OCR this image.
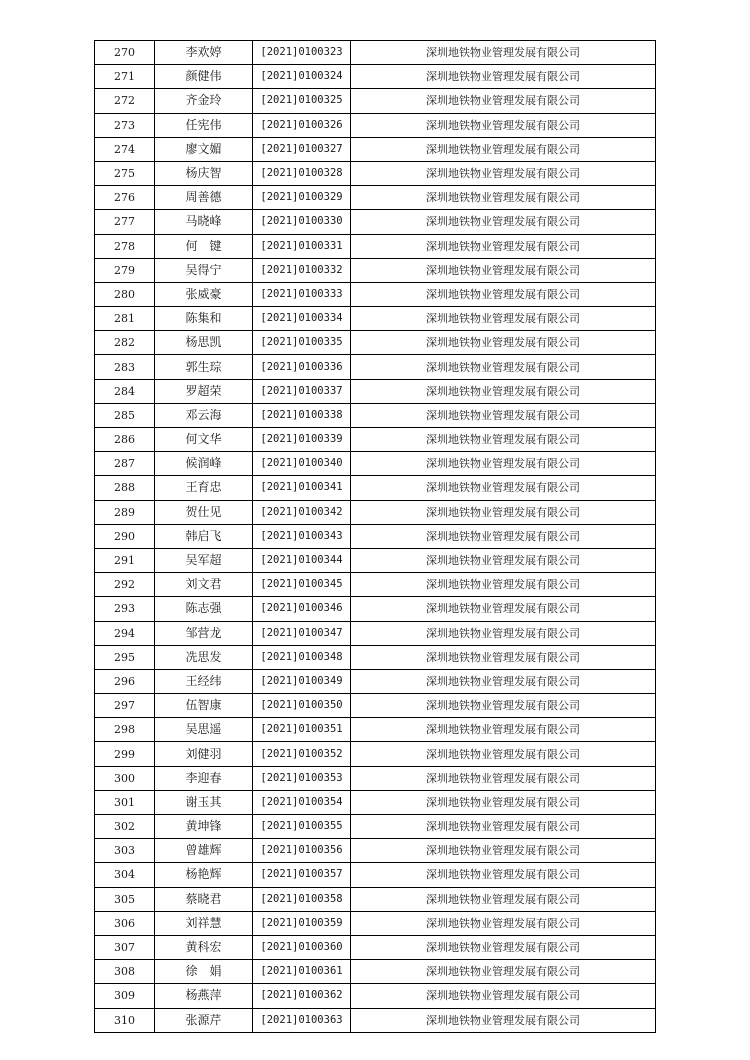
270	李欢婷	[2021]0100323	深圳地铁物业管理发展有限公司
271	颜健伟	[2021]0100324	深圳地铁物业管理发展有限公司
272	齐金玲	[2021]0100325	深圳地铁物业管理发展有限公司
273	任宪伟	[2021]0100326	深圳地铁物业管理发展有限公司
274	廖文媚	[2021]0100327	深圳地铁物业管理发展有限公司
275	杨庆智	[2021]0100328	深圳地铁物业管理发展有限公司
276	周善德	[2021]0100329	深圳地铁物业管理发展有限公司
277	马晓峰	[2021]0100330	深圳地铁物业管理发展有限公司
278	何　键	[2021]0100331	深圳地铁物业管理发展有限公司
279	吴得宁	[2021]0100332	深圳地铁物业管理发展有限公司
280	张威豪	[2021]0100333	深圳地铁物业管理发展有限公司
281	陈集和	[2021]0100334	深圳地铁物业管理发展有限公司
282	杨思凯	[2021]0100335	深圳地铁物业管理发展有限公司
283	郭生琮	[2021]0100336	深圳地铁物业管理发展有限公司
284	罗超荣	[2021]0100337	深圳地铁物业管理发展有限公司
285	邓云海	[2021]0100338	深圳地铁物业管理发展有限公司
286	何文华	[2021]0100339	深圳地铁物业管理发展有限公司
287	候润峰	[2021]0100340	深圳地铁物业管理发展有限公司
288	王育忠	[2021]0100341	深圳地铁物业管理发展有限公司
289	贺仕见	[2021]0100342	深圳地铁物业管理发展有限公司
290	韩启飞	[2021]0100343	深圳地铁物业管理发展有限公司
291	吴军超	[2021]0100344	深圳地铁物业管理发展有限公司
292	刘文君	[2021]0100345	深圳地铁物业管理发展有限公司
293	陈志强	[2021]0100346	深圳地铁物业管理发展有限公司
294	邹营龙	[2021]0100347	深圳地铁物业管理发展有限公司
295	冼思发	[2021]0100348	深圳地铁物业管理发展有限公司
296	王经纬	[2021]0100349	深圳地铁物业管理发展有限公司
297	伍智康	[2021]0100350	深圳地铁物业管理发展有限公司
298	吴思遥	[2021]0100351	深圳地铁物业管理发展有限公司
299	刘健羽	[2021]0100352	深圳地铁物业管理发展有限公司
300	李迎春	[2021]0100353	深圳地铁物业管理发展有限公司
301	谢玉其	[2021]0100354	深圳地铁物业管理发展有限公司
302	黄坤锋	[2021]0100355	深圳地铁物业管理发展有限公司
303	曾雄辉	[2021]0100356	深圳地铁物业管理发展有限公司
304	杨艳辉	[2021]0100357	深圳地铁物业管理发展有限公司
305	蔡晓君	[2021]0100358	深圳地铁物业管理发展有限公司
306	刘祥慧	[2021]0100359	深圳地铁物业管理发展有限公司
307	黄科宏	[2021]0100360	深圳地铁物业管理发展有限公司
308	徐　娟	[2021]0100361	深圳地铁物业管理发展有限公司
309	杨燕萍	[2021]0100362	深圳地铁物业管理发展有限公司
310	张源芹	[2021]0100363	深圳地铁物业管理发展有限公司
